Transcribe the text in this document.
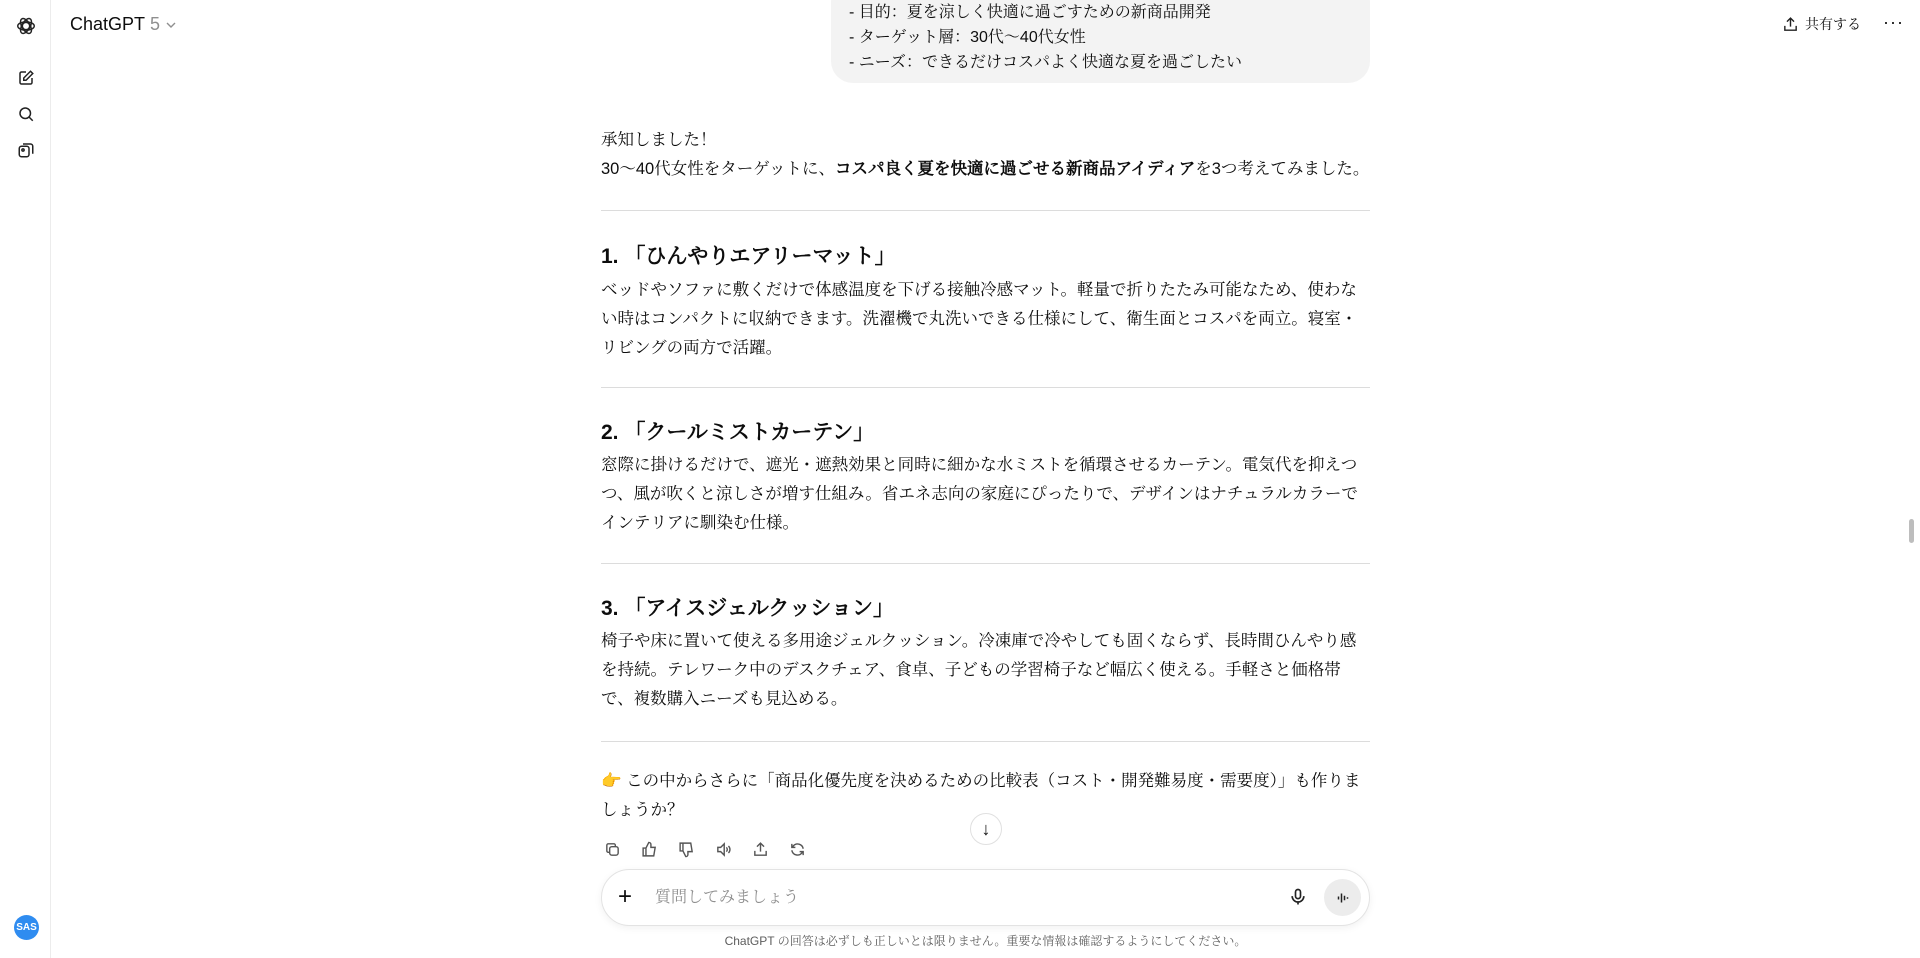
SAS
ChatGPT 5	共有する ···
- 目的：夏を涼しく快適に過ごすための新商品開発
- ターゲット層：30代〜40代女性
- ニーズ：できるだけコスパよく快適な夏を過ごしたい
承知しました！
30〜40代女性をターゲットに、コスパ良く夏を快適に過ごせる新商品アイディアを3つ考えてみました。
1. 「ひんやりエアリーマット」
ベッドやソファに敷くだけで体感温度を下げる接触冷感マット。軽量で折りたたみ可能なため、使わない時はコンパクトに収納できます。洗濯機で丸洗いできる仕様にして、衛生面とコスパを両立。寝室・リビングの両方で活躍。
2. 「クールミストカーテン」
窓際に掛けるだけで、遮光・遮熱効果と同時に細かな水ミストを循環させるカーテン。電気代を抑えつつ、風が吹くと涼しさが増す仕組み。省エネ志向の家庭にぴったりで、デザインはナチュラルカラーでインテリアに馴染む仕様。
3. 「アイスジェルクッション」
椅子や床に置いて使える多用途ジェルクッション。冷凍庫で冷やしても固くならず、長時間ひんやり感を持続。テレワーク中のデスクチェア、食卓、子どもの学習椅子など幅広く使える。手軽さと価格帯で、複数購入ニーズも見込める。
👉 この中からさらに「商品化優先度を決めるための比較表（コスト・開発難易度・需要度）」も作りましょうか？
↓
+
質問してみましょう
ChatGPT の回答は必ずしも正しいとは限りません。重要な情報は確認するようにしてください。
